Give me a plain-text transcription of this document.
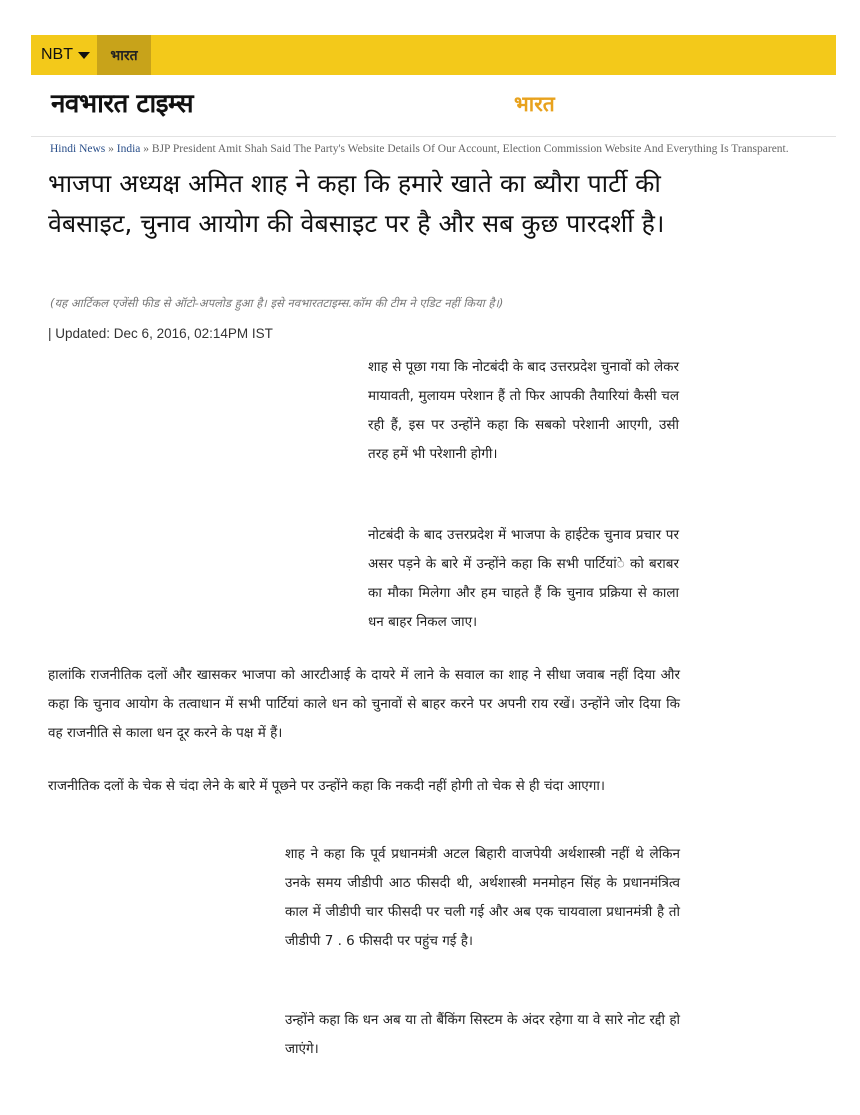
NBT	भारत
नवभारत टाइम्स	भारत
Hindi News » India » BJP President Amit Shah Said The Party's Website Details Of Our Account, Election Commission Website And Everything Is Transparent.
भाजपा अध्यक्ष अमित शाह ने कहा कि हमारे खाते का ब्यौरा पार्टी की वेबसाइट, चुनाव आयोग की वेबसाइट पर है और सब कुछ पारदर्शी है।
(यह आर्टिकल एजेंसी फीड से ऑटो-अपलोड हुआ है। इसे नवभारतटाइम्स.कॉम की टीम ने एडिट नहीं किया है।)
| Updated: Dec 6, 2016, 02:14PM IST

शाह से पूछा गया कि नोटबंदी के बाद उत्तरप्रदेश चुनावों को लेकर मायावती, मुलायम परेशान हैं तो फिर आपकी तैयारियां कैसी चल रही हैं, इस पर उन्होंने कहा कि सबको परेशानी आएगी, उसी तरह हमें भी परेशानी होगी।

नोटबंदी के बाद उत्तरप्रदेश में भाजपा के हाईटेक चुनाव प्रचार पर असर पड़ने के बारे में उन्होंने कहा कि सभी पार्टियांे को बराबर का मौका मिलेगा और हम चाहते हैं कि चुनाव प्रक्रिया से काला धन बाहर निकल जाए।

हालांकि राजनीतिक दलों और खासकर भाजपा को आरटीआई के दायरे में लाने के सवाल का शाह ने सीधा जवाब नहीं दिया और कहा कि चुनाव आयोग के तत्वाधान में सभी पार्टियां काले धन को चुनावों से बाहर करने पर अपनी राय रखें। उन्होंने जोर दिया कि वह राजनीति से काला धन दूर करने के पक्ष में हैं।

राजनीतिक दलों के चेक से चंदा लेने के बारे में पूछने पर उन्होंने कहा कि नकदी नहीं होगी तो चेक से ही चंदा आएगा।

शाह ने कहा कि पूर्व प्रधानमंत्री अटल बिहारी वाजपेयी अर्थशास्त्री नहीं थे लेकिन उनके समय जीडीपी आठ फीसदी थी, अर्थशास्त्री मनमोहन सिंह के प्रधानमंत्रित्व काल में जीडीपी चार फीसदी पर चली गई और अब एक चायवाला प्रधानमंत्री है तो जीडीपी 7 . 6 फीसदी पर पहुंच गई है।

उन्होंने कहा कि धन अब या तो बैंकिंग सिस्टम के अंदर रहेगा या वे सारे नोट रद्दी हो जाएंगे।
